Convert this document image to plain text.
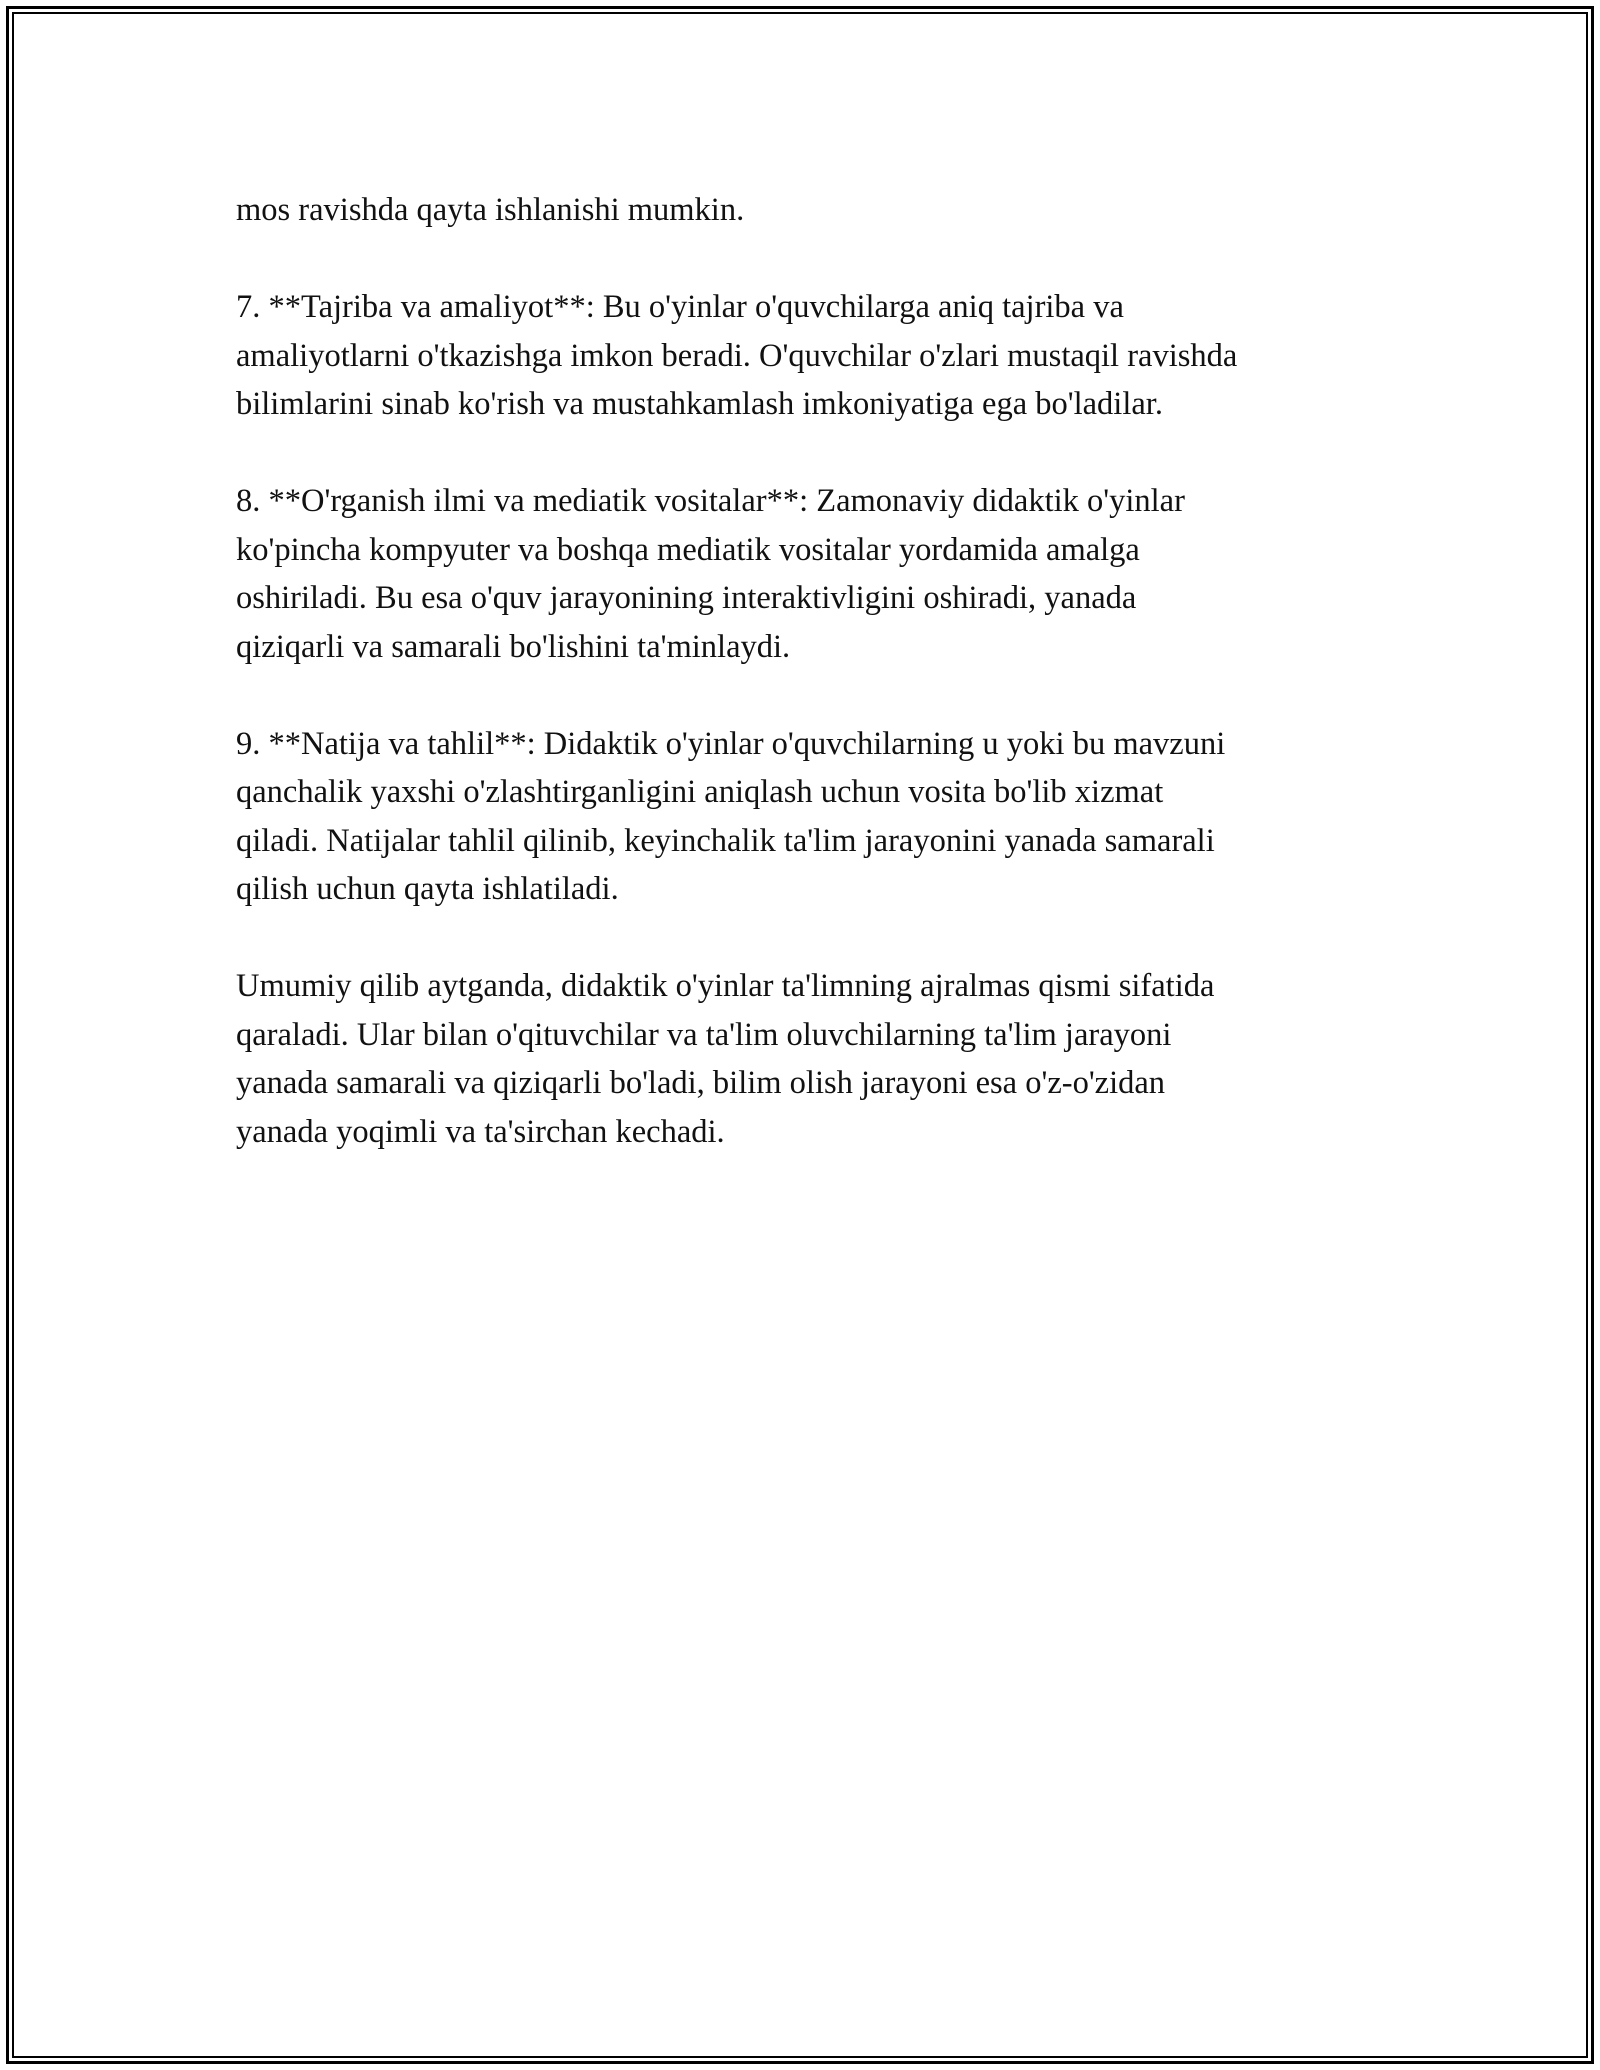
mos ravishda qayta ishlanishi mumkin.

7. **Tajriba va amaliyot**: Bu o'yinlar o'quvchilarga aniq tajriba va
amaliyotlarni o'tkazishga imkon beradi. O'quvchilar o'zlari mustaqil ravishda
bilimlarini sinab ko'rish va mustahkamlash imkoniyatiga ega bo'ladilar.

8. **O'rganish ilmi va mediatik vositalar**: Zamonaviy didaktik o'yinlar
ko'pincha kompyuter va boshqa mediatik vositalar yordamida amalga
oshiriladi. Bu esa o'quv jarayonining interaktivligini oshiradi, yanada
qiziqarli va samarali bo'lishini ta'minlaydi.

9. **Natija va tahlil**: Didaktik o'yinlar o'quvchilarning u yoki bu mavzuni
qanchalik yaxshi o'zlashtirganligini aniqlash uchun vosita bo'lib xizmat
qiladi. Natijalar tahlil qilinib, keyinchalik ta'lim jarayonini yanada samarali
qilish uchun qayta ishlatiladi.

Umumiy qilib aytganda, didaktik o'yinlar ta'limning ajralmas qismi sifatida
qaraladi. Ular bilan o'qituvchilar va ta'lim oluvchilarning ta'lim jarayoni
yanada samarali va qiziqarli bo'ladi, bilim olish jarayoni esa o'z-o'zidan
yanada yoqimli va ta'sirchan kechadi.
